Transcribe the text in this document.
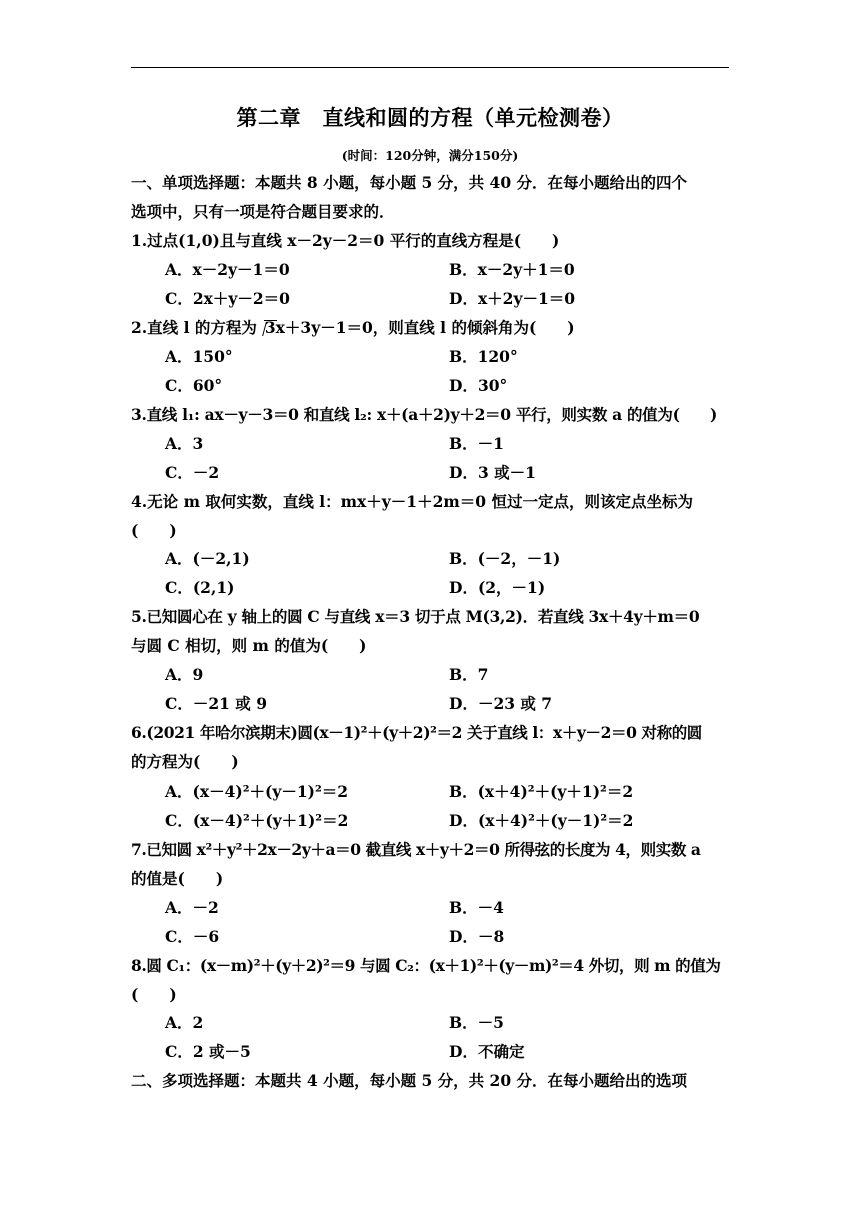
第二章　直线和圆的方程（单元检测卷）
(时间：120分钟，满分150分)
一、单项选择题：本题共 8 小题，每小题 5 分，共 40 分．在每小题给出的四个
选项中，只有一项是符合题目要求的．
1.过点(1,0)且与直线 x－2y－2＝0 平行的直线方程是(　　)
A．x－2y－1＝0	B．x－2y＋1＝0
C．2x＋y－2＝0	D．x＋2y－1＝0
2.直线 l 的方程为 3x＋3y－1＝0，则直线 l 的倾斜角为(　　)
A．150°	B．120°
C．60°	D．30°
3.直线 l₁: ax－y－3＝0 和直线 l₂: x＋(a＋2)y＋2＝0 平行，则实数 a 的值为(　　)
A．3	B．－1
C．－2	D．3 或－1
4.无论 m 取何实数，直线 l：mx＋y－1＋2m＝0 恒过一定点，则该定点坐标为
(　　)
A．(－2,1)	B．(－2，－1)
C．(2,1)	D．(2，－1)
5.已知圆心在 y 轴上的圆 C 与直线 x＝3 切于点 M(3,2)．若直线 3x＋4y＋m＝0
与圆 C 相切，则 m 的值为(　　)
A．9	B．7
C．－21 或 9	D．－23 或 7
6.(2021 年哈尔滨期末)圆(x－1)²＋(y＋2)²＝2 关于直线 l：x＋y－2＝0 对称的圆
的方程为(　　)
A．(x－4)²＋(y－1)²＝2	B．(x＋4)²＋(y＋1)²＝2
C．(x－4)²＋(y＋1)²＝2	D．(x＋4)²＋(y－1)²＝2
7.已知圆 x²＋y²＋2x－2y＋a＝0 截直线 x＋y＋2＝0 所得弦的长度为 4，则实数 a
的值是(　　)
A．－2	B．－4
C．－6	D．－8
8.圆 C₁：(x－m)²＋(y＋2)²＝9 与圆 C₂：(x＋1)²＋(y－m)²＝4 外切，则 m 的值为
(　　)
A．2	B．－5
C．2 或－5	D．不确定
二、多项选择题：本题共 4 小题，每小题 5 分，共 20 分．在每小题给出的选项
